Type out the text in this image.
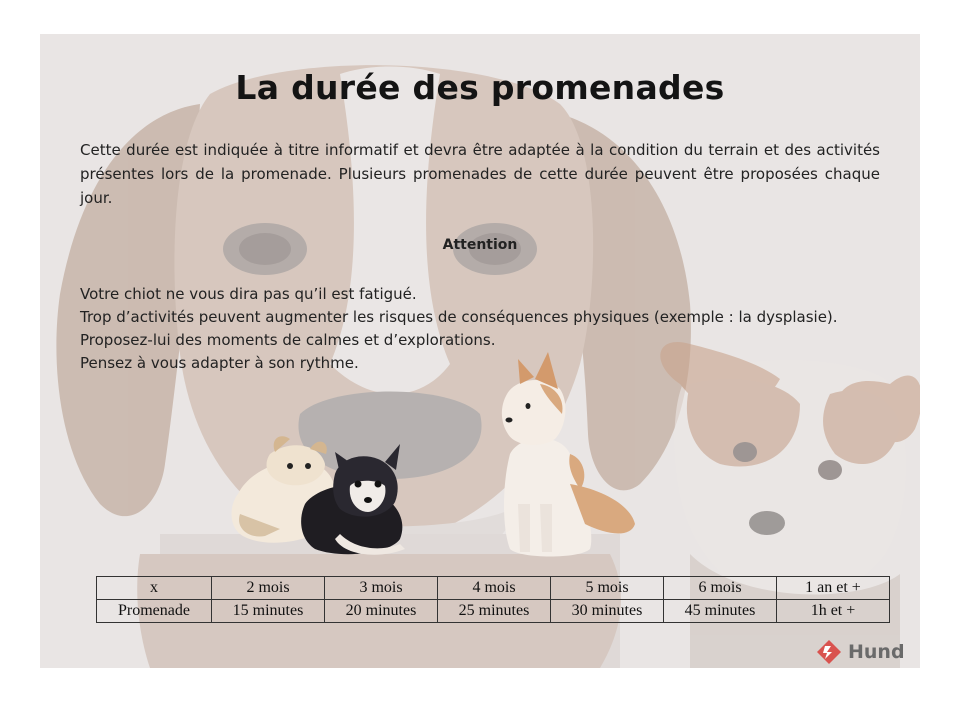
La durée des promenades

Cette durée est indiquée à titre informatif et devra être adaptée à la condition du terrain et des activités présentes lors de la promenade. Plusieurs promenades de cette durée peuvent être proposées chaque jour.

Attention

Votre chiot ne vous dira pas qu’il est fatigué.
Trop d’activités peuvent augmenter les risques de conséquences physiques (exemple : la dysplasie).
Proposez-lui des moments de calmes et d’explorations.
Pensez à vous adapter à son rythme.
x	2 mois	3 mois	4 mois	5 mois	6 mois	1 an et +
Promenade	15 minutes	20 minutes	25 minutes	30 minutes	45 minutes	1h et +
Hund
